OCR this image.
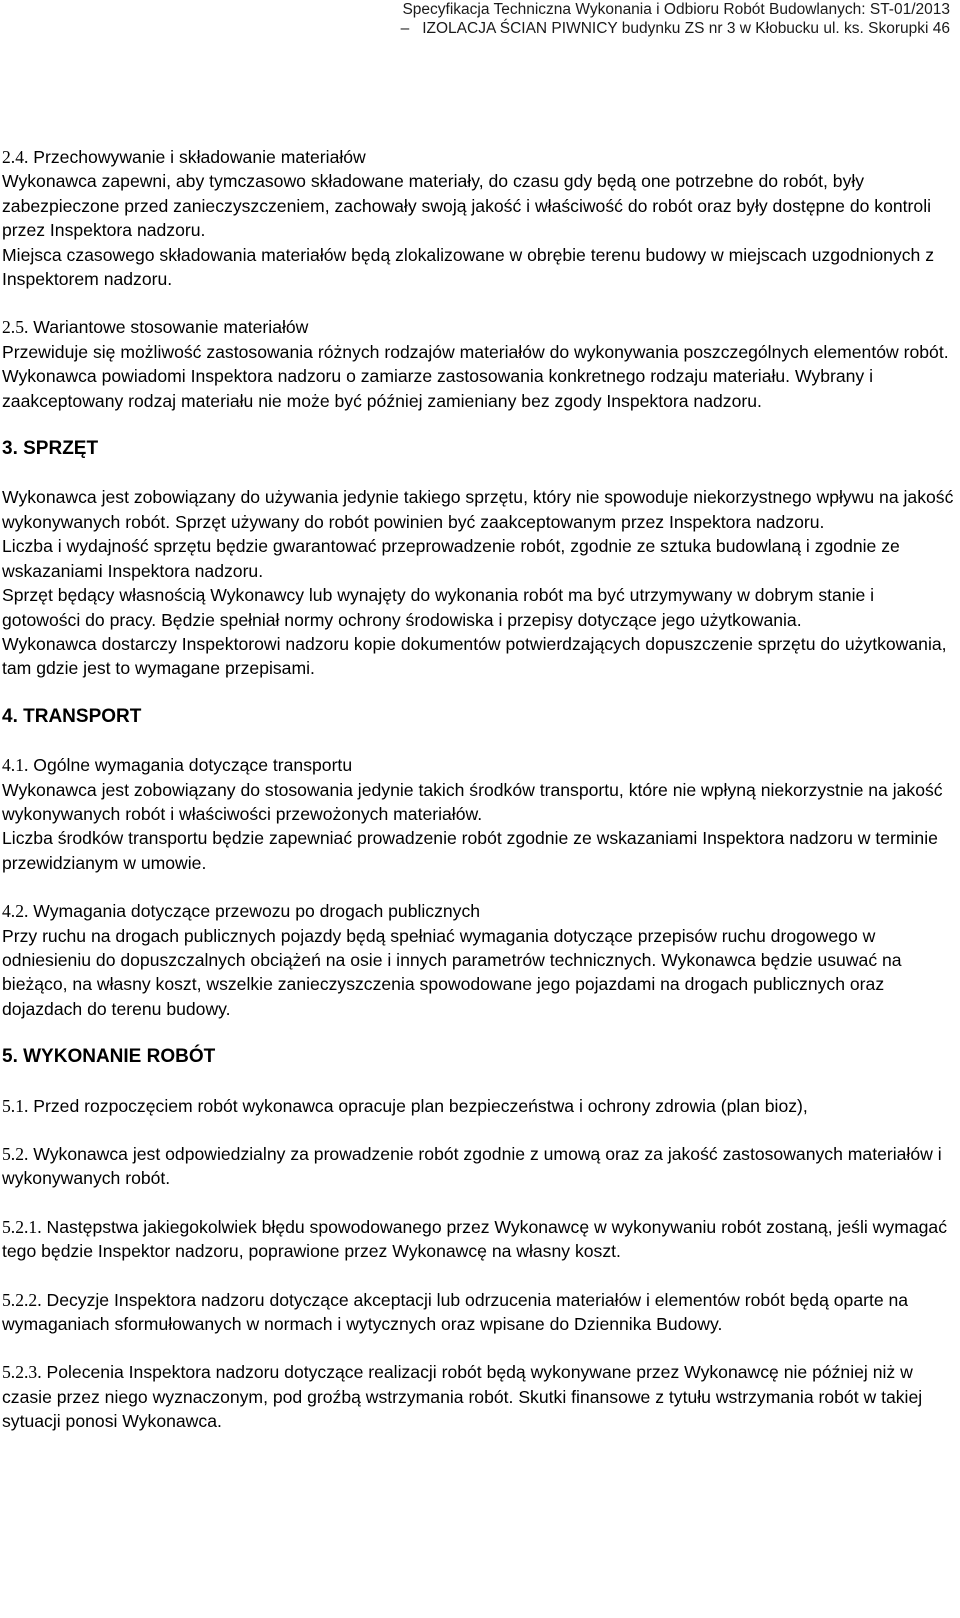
Specyfikacja Techniczna Wykonania i Odbioru Robót Budowlanych: ST-01/2013
– IZOLACJA ŚCIAN PIWNICY budynku ZS nr 3 w Kłobucku ul. ks. Skorupki 46

2.4. Przechowywanie i składowanie materiałów

Wykonawca zapewni, aby tymczasowo składowane materiały, do czasu gdy będą one potrzebne do robót, były zabezpieczone przed zanieczyszczeniem, zachowały swoją jakość i właściwość do robót oraz były dostępne do kontroli przez Inspektora nadzoru.

Miejsca czasowego składowania materiałów będą zlokalizowane w obrębie terenu budowy w miejscach uzgodnionych z Inspektorem nadzoru.

2.5. Wariantowe stosowanie materiałów

Przewiduje się możliwość zastosowania różnych rodzajów materiałów do wykonywania poszczególnych elementów robót. Wykonawca powiadomi Inspektora nadzoru o zamiarze zastosowania konkretnego rodzaju materiału. Wybrany i zaakceptowany rodzaj materiału nie może być później zamieniany bez zgody Inspektora nadzoru.

3. SPRZĘT

Wykonawca jest zobowiązany do używania jedynie takiego sprzętu, który nie spowoduje niekorzystnego wpływu na jakość wykonywanych robót. Sprzęt używany do robót powinien być zaakceptowanym przez Inspektora nadzoru.

Liczba i wydajność sprzętu będzie gwarantować przeprowadzenie robót, zgodnie ze sztuka budowlaną i zgodnie ze wskazaniami Inspektora nadzoru.

Sprzęt będący własnością Wykonawcy lub wynajęty do wykonania robót ma być utrzymywany w dobrym stanie i gotowości do pracy. Będzie spełniał normy ochrony środowiska i przepisy dotyczące jego użytkowania.

Wykonawca dostarczy Inspektorowi nadzoru kopie dokumentów potwierdzających dopuszczenie sprzętu do użytkowania, tam gdzie jest to wymagane przepisami.

4. TRANSPORT

4.1. Ogólne wymagania dotyczące transportu

Wykonawca jest zobowiązany do stosowania jedynie takich środków transportu, które nie wpłyną niekorzystnie na jakość wykonywanych robót i właściwości przewożonych materiałów.

Liczba środków transportu będzie zapewniać prowadzenie robót zgodnie ze wskazaniami Inspektora nadzoru w terminie przewidzianym w umowie.

4.2. Wymagania dotyczące przewozu po drogach publicznych

Przy ruchu na drogach publicznych pojazdy będą spełniać wymagania dotyczące przepisów ruchu drogowego w odniesieniu do dopuszczalnych obciążeń na osie i innych parametrów technicznych. Wykonawca będzie usuwać na bieżąco, na własny koszt, wszelkie zanieczyszczenia spowodowane jego pojazdami na drogach publicznych oraz dojazdach do terenu budowy.

5. WYKONANIE ROBÓT

5.1. Przed rozpoczęciem robót wykonawca opracuje plan bezpieczeństwa i ochrony zdrowia (plan bioz),

5.2. Wykonawca jest odpowiedzialny za prowadzenie robót zgodnie z umową oraz za jakość zastosowanych materiałów i wykonywanych robót.

5.2.1. Następstwa jakiegokolwiek błędu spowodowanego przez Wykonawcę w wykonywaniu robót zostaną, jeśli wymagać tego będzie Inspektor nadzoru, poprawione przez Wykonawcę na własny koszt.

5.2.2. Decyzje Inspektora nadzoru dotyczące akceptacji lub odrzucenia materiałów i elementów robót będą oparte na wymaganiach sformułowanych w normach i wytycznych oraz wpisane do Dziennika Budowy.

5.2.3. Polecenia Inspektora nadzoru dotyczące realizacji robót będą wykonywane przez Wykonawcę nie później niż w czasie przez niego wyznaczonym, pod groźbą wstrzymania robót. Skutki finansowe z tytułu wstrzymania robót w takiej sytuacji ponosi Wykonawca.
